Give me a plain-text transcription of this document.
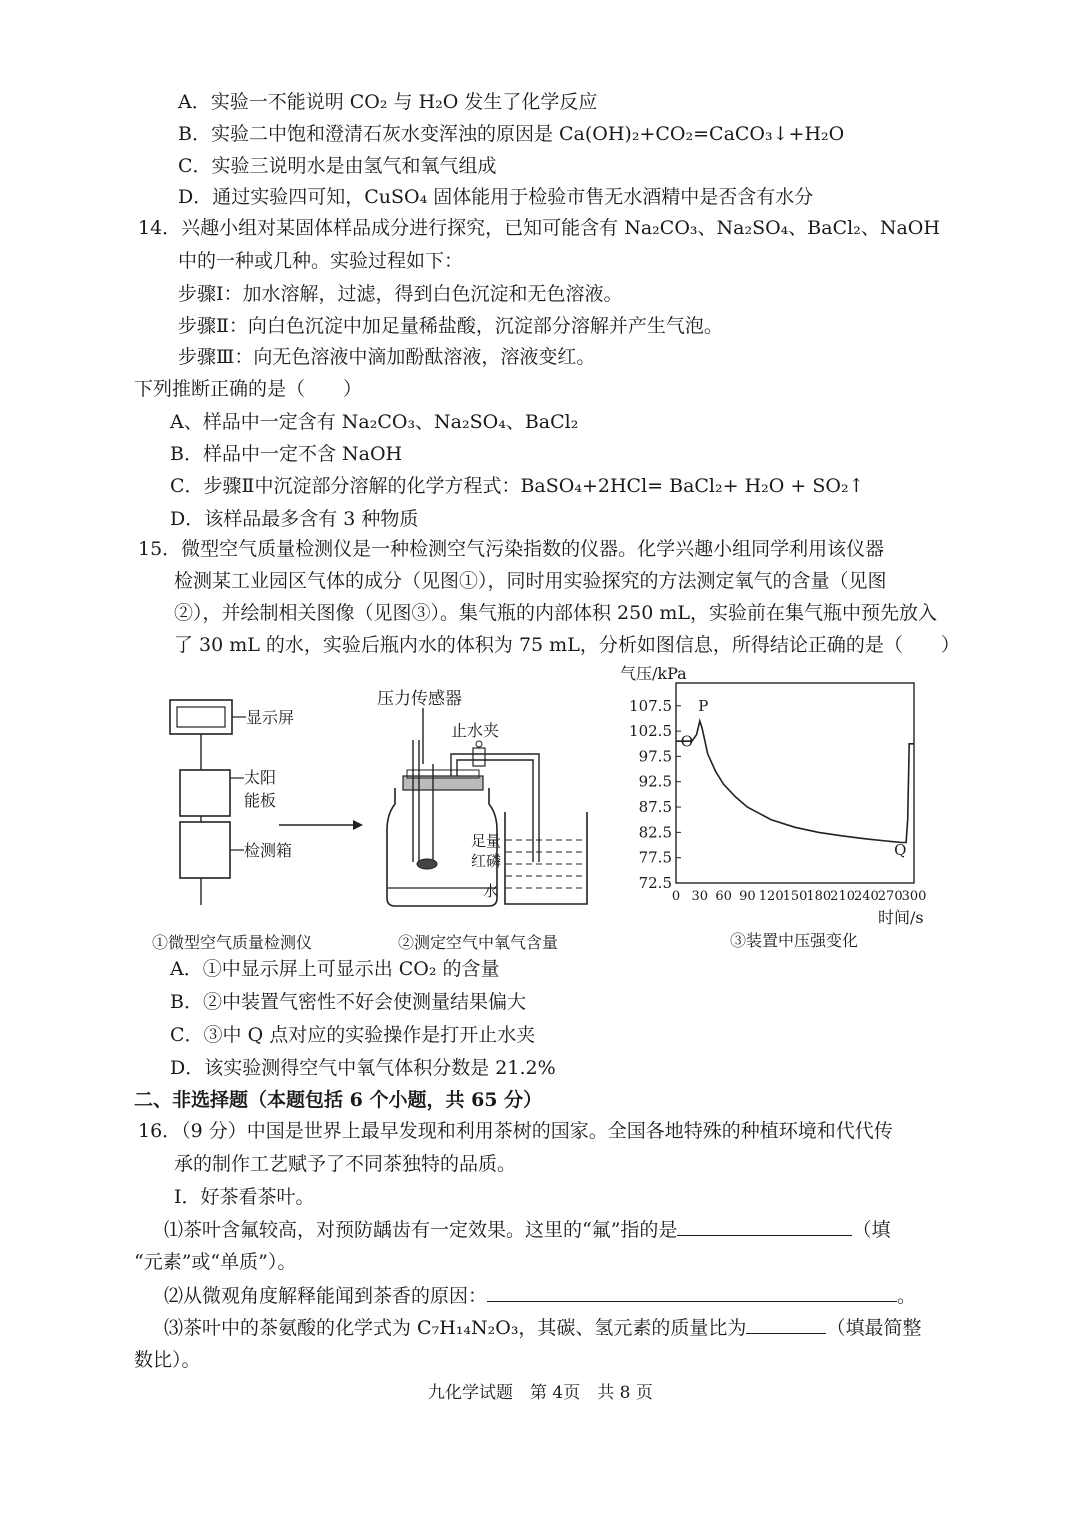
A．实验一不能说明 CO₂ 与 H₂O 发生了化学反应
B．实验二中饱和澄清石灰水变浑浊的原因是 Ca(OH)₂+CO₂=CaCO₃↓+H₂O
C．实验三说明水是由氢气和氧气组成
D．通过实验四可知，CuSO₄ 固体能用于检验市售无水酒精中是否含有水分
14．兴趣小组对某固体样品成分进行探究，已知可能含有 Na₂CO₃、Na₂SO₄、BaCl₂、NaOH
中的一种或几种。实验过程如下：
步骤Ⅰ：加水溶解，过滤，得到白色沉淀和无色溶液。
步骤Ⅱ：向白色沉淀中加足量稀盐酸，沉淀部分溶解并产生气泡。
步骤Ⅲ：向无色溶液中滴加酚酞溶液，溶液变红。
下列推断正确的是（　　）
A、样品中一定含有 Na₂CO₃、Na₂SO₄、BaCl₂
B．样品中一定不含 NaOH
C．步骤Ⅱ中沉淀部分溶解的化学方程式：BaSO₄+2HCl= BaCl₂+ H₂O + SO₂↑
D．该样品最多含有 3 种物质
15．微型空气质量检测仪是一种检测空气污染指数的仪器。化学兴趣小组同学利用该仪器
检测某工业园区气体的成分（见图①），同时用实验探究的方法测定氧气的含量（见图
②），并绘制相关图像（见图③）。集气瓶的内部体积 250 mL，实验前在集气瓶中预先放入
了 30 mL 的水，实验后瓶内水的体积为 75 mL，分析如图信息，所得结论正确的是（　　）
显示屏
太阳
能板
检测箱
①微型空气质量检测仪
压力传感器
止水夹
足量
红磷
水
②测定空气中氧气含量
气压/kPa
107.5
102.5
97.5
92.5
87.5
82.5
77.5
72.5
0 30 60 90 120
150
180
210
240
270
300
O
P
Q
时间/s
③装置中压强变化
A．①中显示屏上可显示出 CO₂ 的含量
B．②中装置气密性不好会使测量结果偏大
C．③中 Q 点对应的实验操作是打开止水夹
D．该实验测得空气中氧气体积分数是 21.2%
二、非选择题（本题包括 6 个小题，共 65 分）
16．（9 分）中国是世界上最早发现和利用茶树的国家。全国各地特殊的种植环境和代代传
承的制作工艺赋予了不同茶独特的品质。
Ⅰ．好茶看茶叶。
⑴茶叶含氟较高，对预防龋齿有一定效果。这里的“氟”指的是	（填
“元素”或“单质”）。
⑵从微观角度解释能闻到茶香的原因：	。
⑶茶叶中的茶氨酸的化学式为 C₇H₁₄N₂O₃，其碳、氢元素的质量比为	（填最简整
数比）。
九化学试题　第 4页　共 8 页
